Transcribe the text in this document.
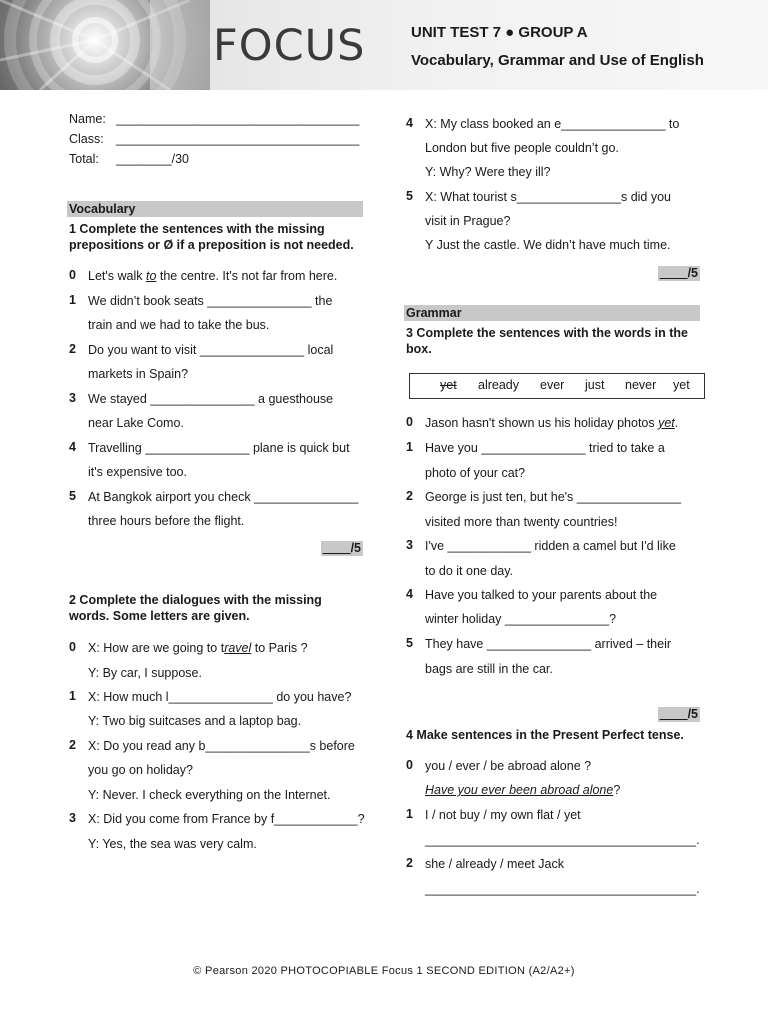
FOCUS	UNIT TEST 7 ● GROUP A
Vocabulary, Grammar and Use of English
Name: ___________________________________
Class: ___________________________________
Total: ________/30
Vocabulary
1 Complete the sentences with the missing
prepositions or Ø if a preposition is not needed.
0 Let's walk to the centre. It's not far from here.
1 We didn’t book seats _______________ the
train and we had to take the bus.
2 Do you want to visit _______________ local
markets in Spain?
3 We stayed _______________ a guesthouse
near Lake Como.
4 Travelling _______________ plane is quick but
it's expensive too.
5 At Bangkok airport you check _______________
three hours before the flight.
____/5
2 Complete the dialogues with the missing
words. Some letters are given.
0 X: How are we going to travel to Paris ?
Y: By car, I suppose.
1 X: How much l_______________ do you have?
Y: Two big suitcases and a laptop bag.
2 X: Do you read any b_______________s before
you go on holiday?
Y: Never. I check everything on the Internet.
3 X: Did you come from France by f____________?
Y: Yes, the sea was very calm.
4 X: My class booked an e_______________ to
London but five people couldn’t go.
Y: Why? Were they ill?
5 X: What tourist s_______________s did you
visit in Prague?
Y Just the castle. We didn’t have much time.
____/5
Grammar
3 Complete the sentences with the words in the
box.
yet already ever just never yet
0 Jason hasn't shown us his holiday photos yet.
1 Have you _______________ tried to take a
photo of your cat?
2 George is just ten, but he's _______________
visited more than twenty countries!
3 I've ____________ ridden a camel but I'd like
to do it one day.
4 Have you talked to your parents about the
winter holiday _______________?
5 They have _______________ arrived – their
bags are still in the car.
____/5
4 Make sentences in the Present Perfect tense.
0 you / ever / be abroad alone ?
Have you ever been abroad alone?
1 I / not buy / my own flat / yet
_______________________________________.
2 she / already / meet Jack
_______________________________________.
© Pearson 2020 PHOTOCOPIABLE Focus 1 SECOND EDITION (A2/A2+)
